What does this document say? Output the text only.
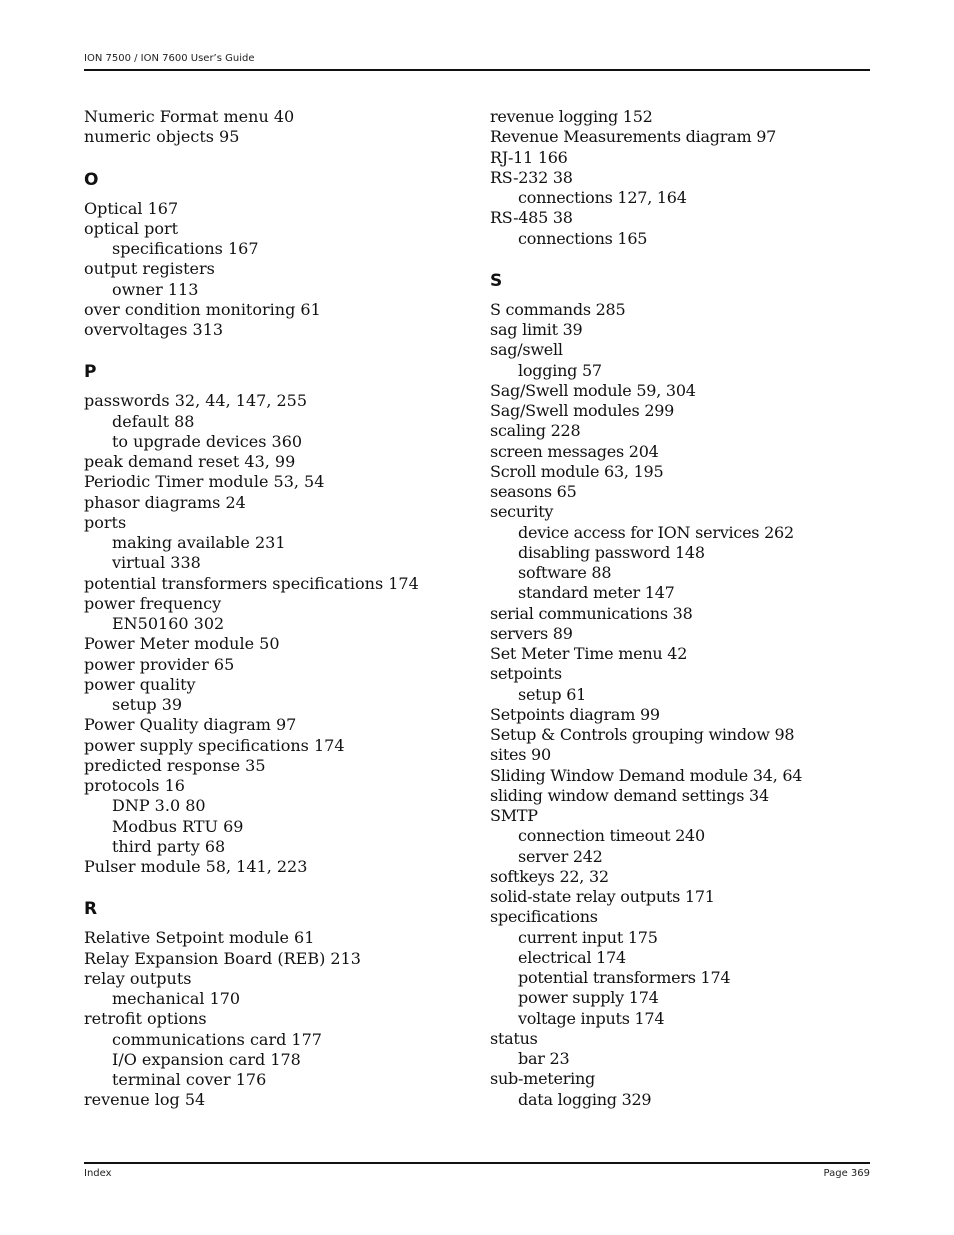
ION 7500 / ION 7600 User’s Guide
Numeric Format menu 40
numeric objects 95
O
Optical 167
optical port
specifications 167
output registers
owner 113
over condition monitoring 61
overvoltages 313
P
passwords 32, 44, 147, 255
default 88
to upgrade devices 360
peak demand reset 43, 99
Periodic Timer module 53, 54
phasor diagrams 24
ports
making available 231
virtual 338
potential transformers specifications 174
power frequency
EN50160 302
Power Meter module 50
power provider 65
power quality
setup 39
Power Quality diagram 97
power supply specifications 174
predicted response 35
protocols 16
DNP 3.0 80
Modbus RTU 69
third party 68
Pulser module 58, 141, 223
R
Relative Setpoint module 61
Relay Expansion Board (REB) 213
relay outputs
mechanical 170
retrofit options
communications card 177
I/O expansion card 178
terminal cover 176
revenue log 54
revenue logging 152
Revenue Measurements diagram 97
RJ-11 166
RS-232 38
connections 127, 164
RS-485 38
connections 165
S
S commands 285
sag limit 39
sag/swell
logging 57
Sag/Swell module 59, 304
Sag/Swell modules 299
scaling 228
screen messages 204
Scroll module 63, 195
seasons 65
security
device access for ION services 262
disabling password 148
software 88
standard meter 147
serial communications 38
servers 89
Set Meter Time menu 42
setpoints
setup 61
Setpoints diagram 99
Setup & Controls grouping window 98
sites 90
Sliding Window Demand module 34, 64
sliding window demand settings 34
SMTP
connection timeout 240
server 242
softkeys 22, 32
solid-state relay outputs 171
specifications
current input 175
electrical 174
potential transformers 174
power supply 174
voltage inputs 174
status
bar 23
sub-metering
data logging 329
Index	Page 369
